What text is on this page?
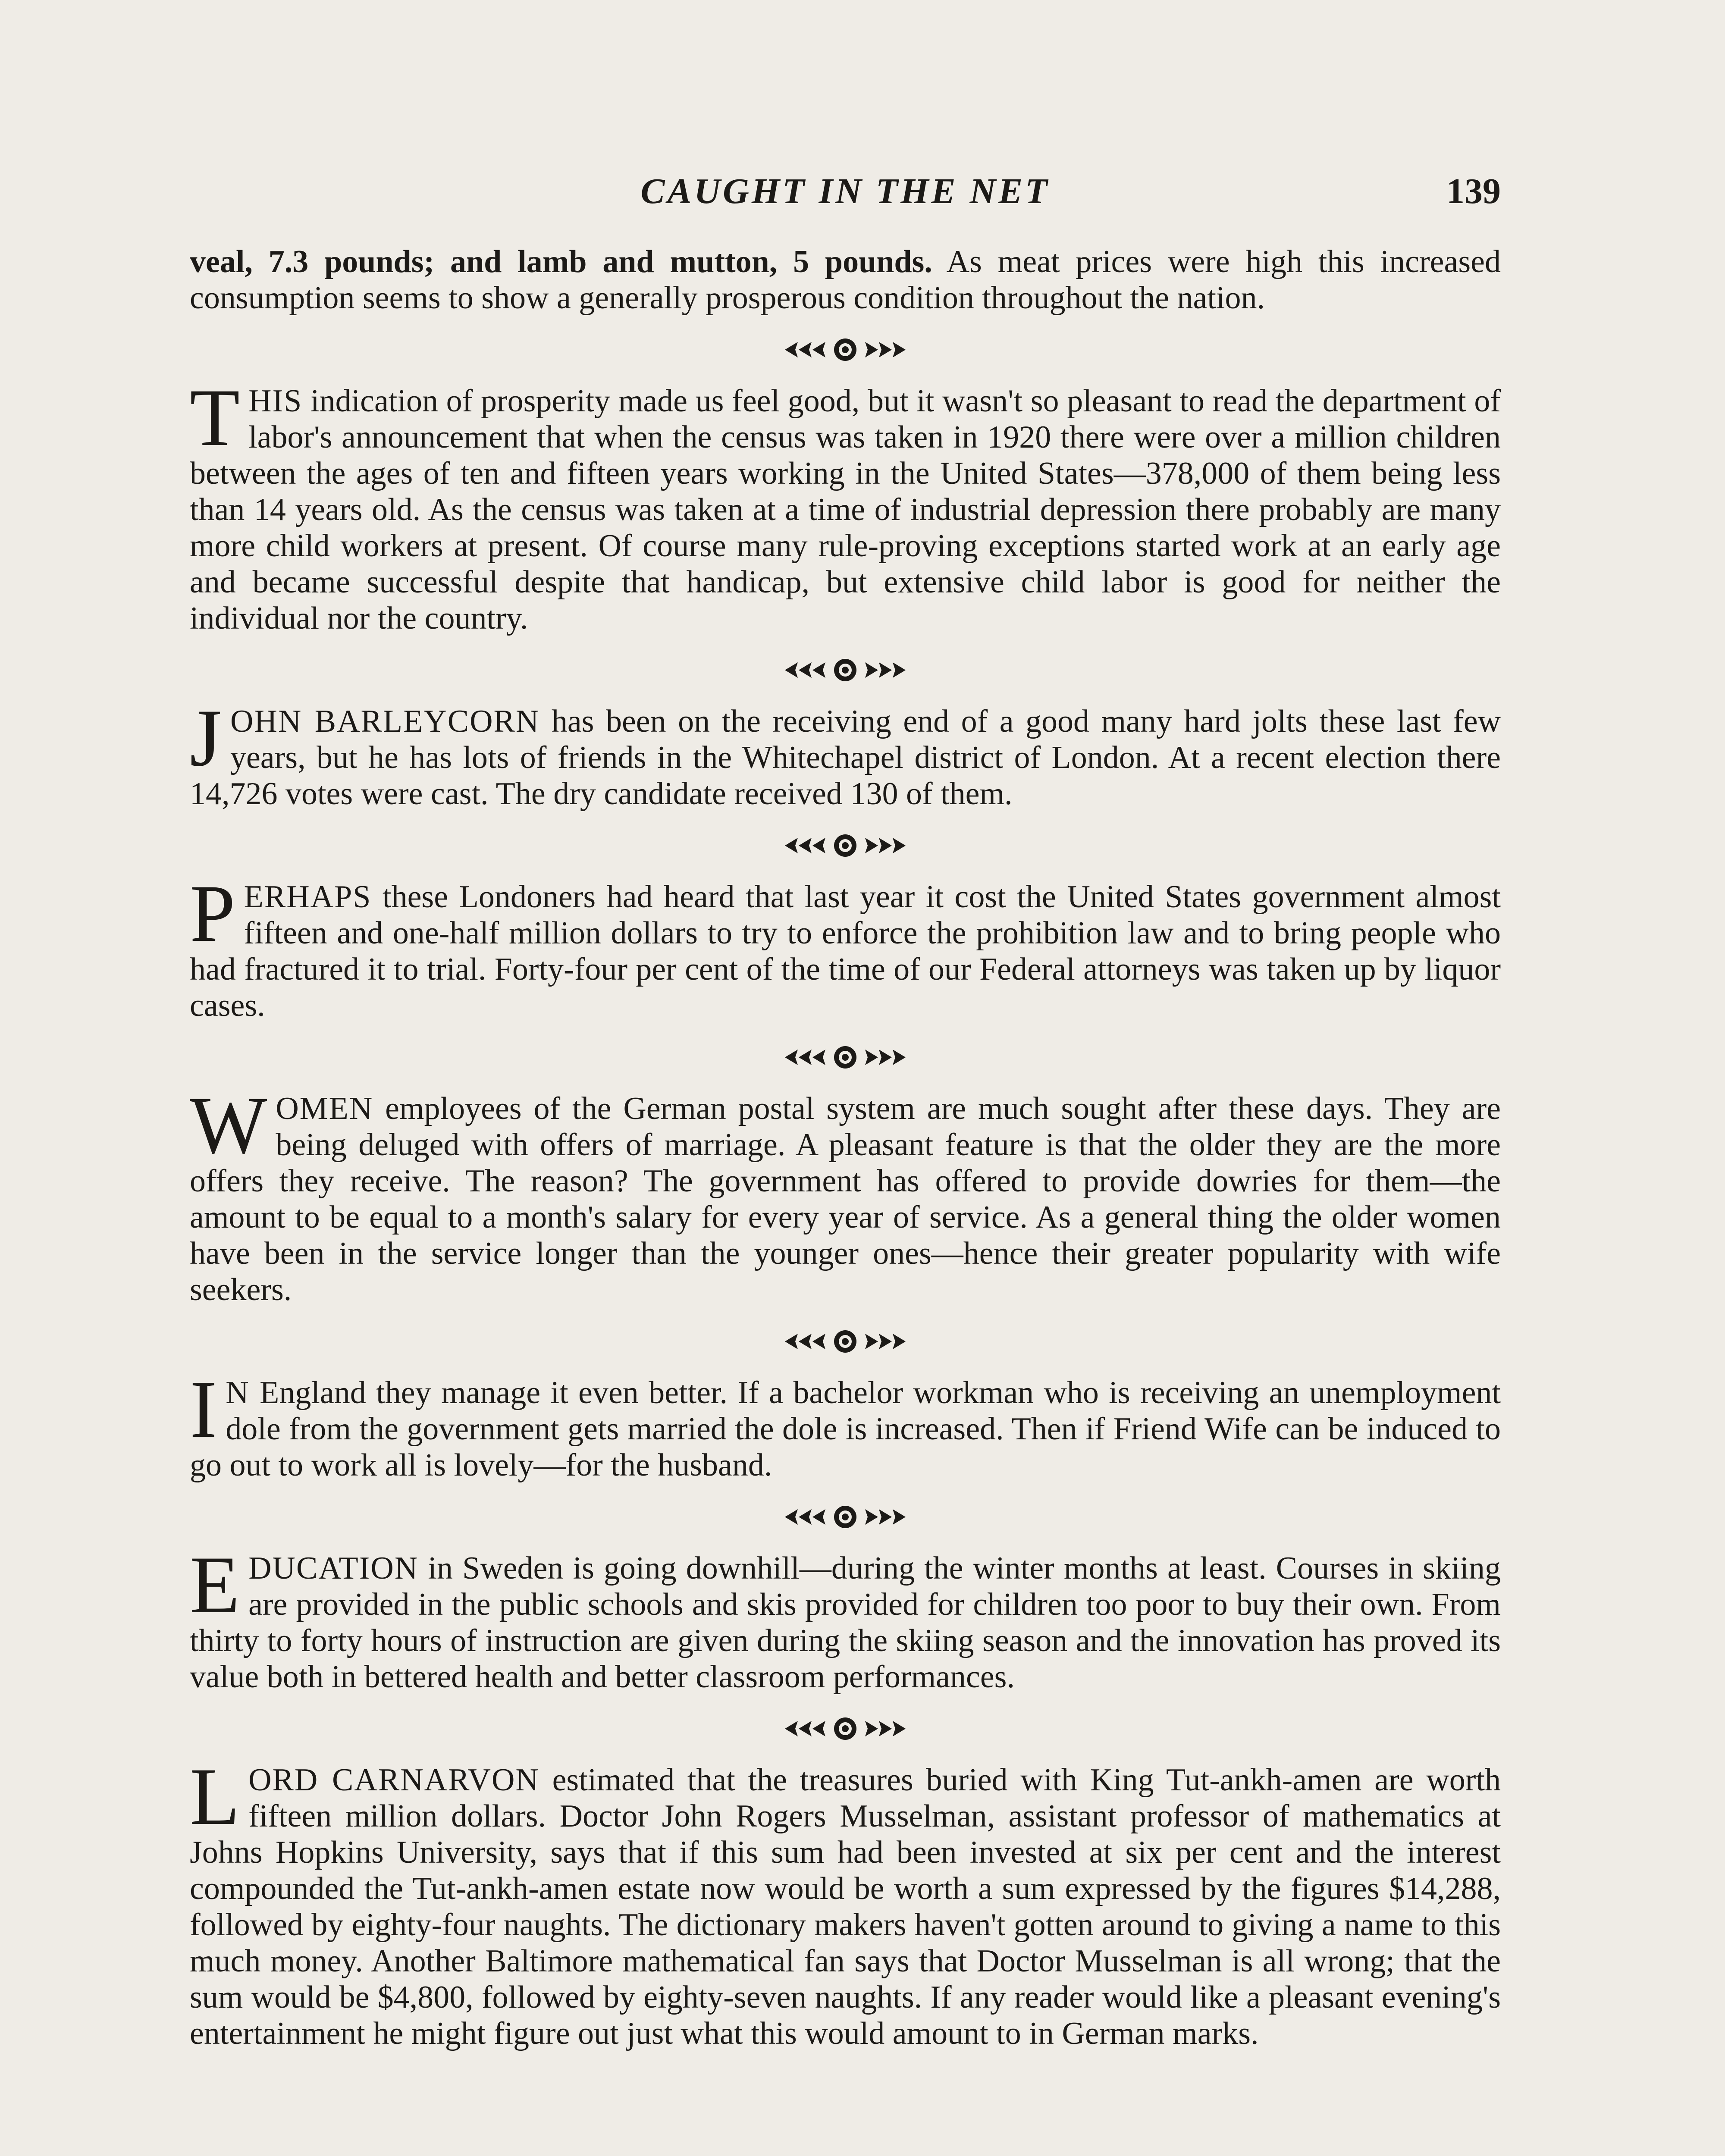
CAUGHT IN THE NET	139

veal, 7.3 pounds; and lamb and mutton, 5 pounds. As meat prices were high this increased consumption seems to show a generally prosperous condition throughout the nation.

THIS indication of prosperity made us feel good, but it wasn't so pleasant to read the department of labor's announcement that when the census was taken in 1920 there were over a million children between the ages of ten and fifteen years working in the United States—378,000 of them being less than 14 years old. As the census was taken at a time of industrial depression there probably are many more child workers at present. Of course many rule-proving exceptions started work at an early age and became successful despite that handicap, but extensive child labor is good for neither the individual nor the country.

JOHN BARLEYCORN has been on the receiving end of a good many hard jolts these last few years, but he has lots of friends in the Whitechapel district of London. At a recent election there 14,726 votes were cast. The dry candidate received 130 of them.

PERHAPS these Londoners had heard that last year it cost the United States government almost fifteen and one-half million dollars to try to enforce the prohibition law and to bring people who had fractured it to trial. Forty-four per cent of the time of our Federal attorneys was taken up by liquor cases.

WOMEN employees of the German postal system are much sought after these days. They are being deluged with offers of marriage. A pleasant feature is that the older they are the more offers they receive. The reason? The government has offered to provide dowries for them—the amount to be equal to a month's salary for every year of service. As a general thing the older women have been in the service longer than the younger ones—hence their greater popularity with wife seekers.

I N England they manage it even better. If a bachelor workman who is receiving an unemployment dole from the government gets married the dole is increased. Then if Friend Wife can be induced to go out to work all is lovely—for the husband.

EDUCATION in Sweden is going downhill—during the winter months at least. Courses in skiing are provided in the public schools and skis provided for children too poor to buy their own. From thirty to forty hours of instruction are given during the skiing season and the innovation has proved its value both in bettered health and better classroom performances.

LORD CARNARVON estimated that the treasures buried with King Tut-ankh-amen are worth fifteen million dollars. Doctor John Rogers Musselman, assistant professor of mathematics at Johns Hopkins University, says that if this sum had been invested at six per cent and the interest compounded the Tut-ankh-amen estate now would be worth a sum expressed by the figures $14,288, followed by eighty-four naughts. The dictionary makers haven't gotten around to giving a name to this much money. Another Baltimore mathematical fan says that Doctor Musselman is all wrong; that the sum would be $4,800, followed by eighty-seven naughts. If any reader would like a pleasant evening's entertainment he might figure out just what this would amount to in German marks.
